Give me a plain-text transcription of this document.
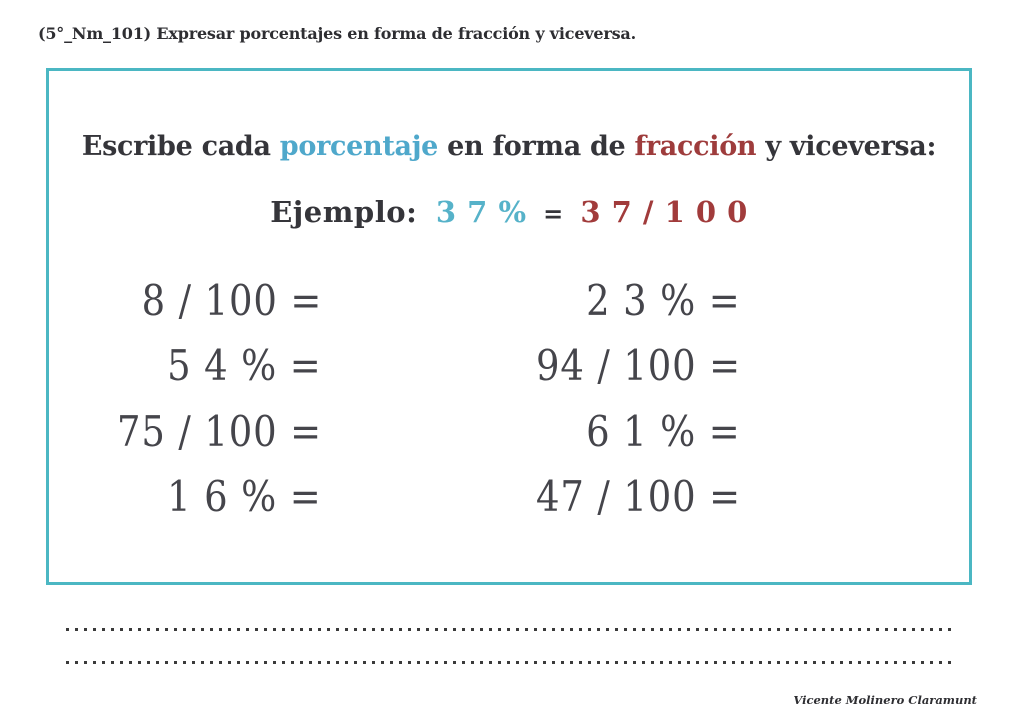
(5°_Nm_101) Expresar porcentajes en forma de fracción y viceversa.
Escribe cada porcentaje en forma de fracción y viceversa:
Ejemplo: 3 7 % = 3 7 / 1 0 0
8 / 100 =
5 4 % =
75 / 100 =
1 6 % =
2 3 % =
94 / 100 =
6 1 % =
47 / 100 =
Vicente Molinero Claramunt
